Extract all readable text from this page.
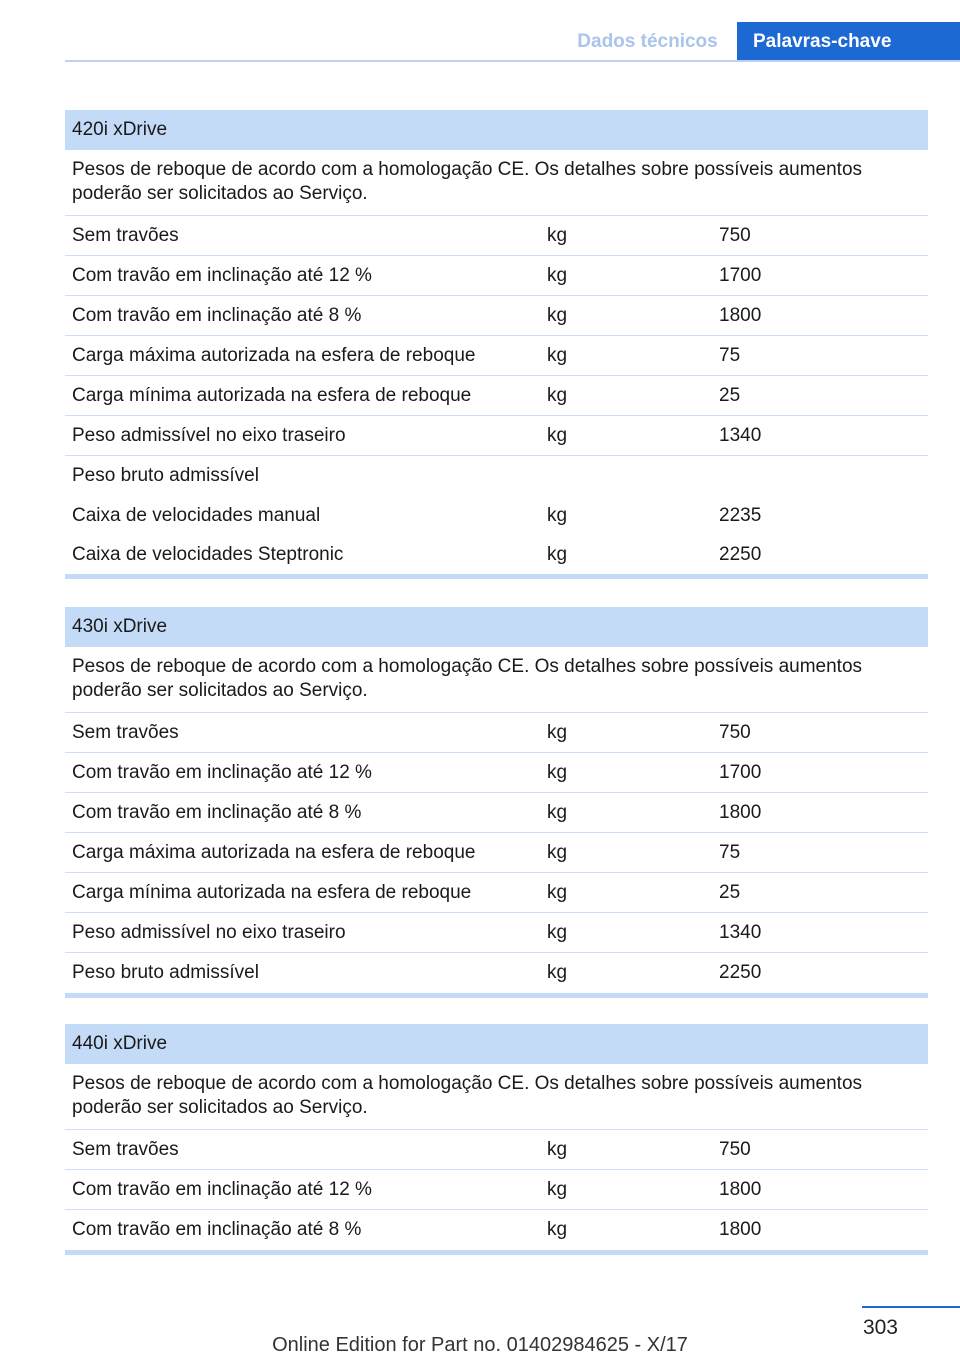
Dados técnicos	Palavras-chave
420i xDrive
Pesos de reboque de acordo com a homologação CE. Os detalhes sobre possíveis aumentos poderão ser solicitados ao Serviço.
Sem travões	kg	750
Com travão em inclinação até 12 %	kg	1700
Com travão em inclinação até 8 %	kg	1800
Carga máxima autorizada na esfera de reboque	kg	75
Carga mínima autorizada na esfera de reboque	kg	25
Peso admissível no eixo traseiro	kg	1340
Peso bruto admissível
Caixa de velocidades manual	kg	2235
Caixa de velocidades Steptronic	kg	2250
430i xDrive
Pesos de reboque de acordo com a homologação CE. Os detalhes sobre possíveis aumentos poderão ser solicitados ao Serviço.
Sem travões	kg	750
Com travão em inclinação até 12 %	kg	1700
Com travão em inclinação até 8 %	kg	1800
Carga máxima autorizada na esfera de reboque	kg	75
Carga mínima autorizada na esfera de reboque	kg	25
Peso admissível no eixo traseiro	kg	1340
Peso bruto admissível	kg	2250
440i xDrive
Pesos de reboque de acordo com a homologação CE. Os detalhes sobre possíveis aumentos poderão ser solicitados ao Serviço.
Sem travões	kg	750
Com travão em inclinação até 12 %	kg	1800
Com travão em inclinação até 8 %	kg	1800
303
Online Edition for Part no. 01402984625 - X/17
